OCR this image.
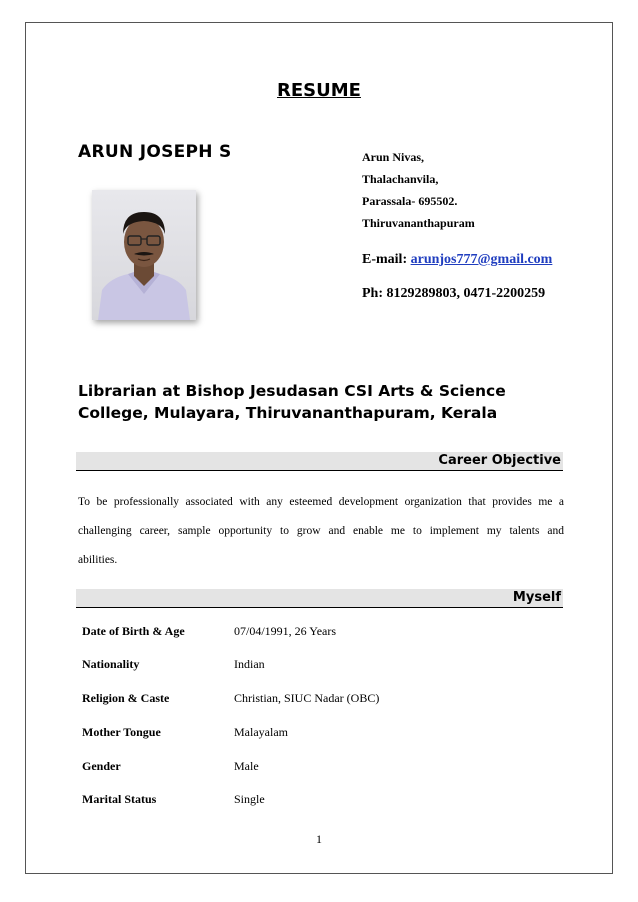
RESUME
ARUN JOSEPH S	Arun Nivas,
Thalachanvila,
Parassala- 695502.
Thiruvananthapuram
E-mail: arunjos777@gmail.com
Ph: 8129289803, 0471-2200259
Librarian at Bishop Jesudasan CSI Arts & Science College, Mulayara, Thiruvananthapuram, Kerala
Career Objective
To be professionally associated with any esteemed development organization that provides me a challenging career, sample opportunity to grow and enable me to implement my talents and abilities.
Myself
Date of Birth & Age	07/04/1991, 26 Years
Nationality	Indian
Religion & Caste	Christian, SIUC Nadar (OBC)
Mother Tongue	Malayalam
Gender	Male
Marital Status	Single
1
